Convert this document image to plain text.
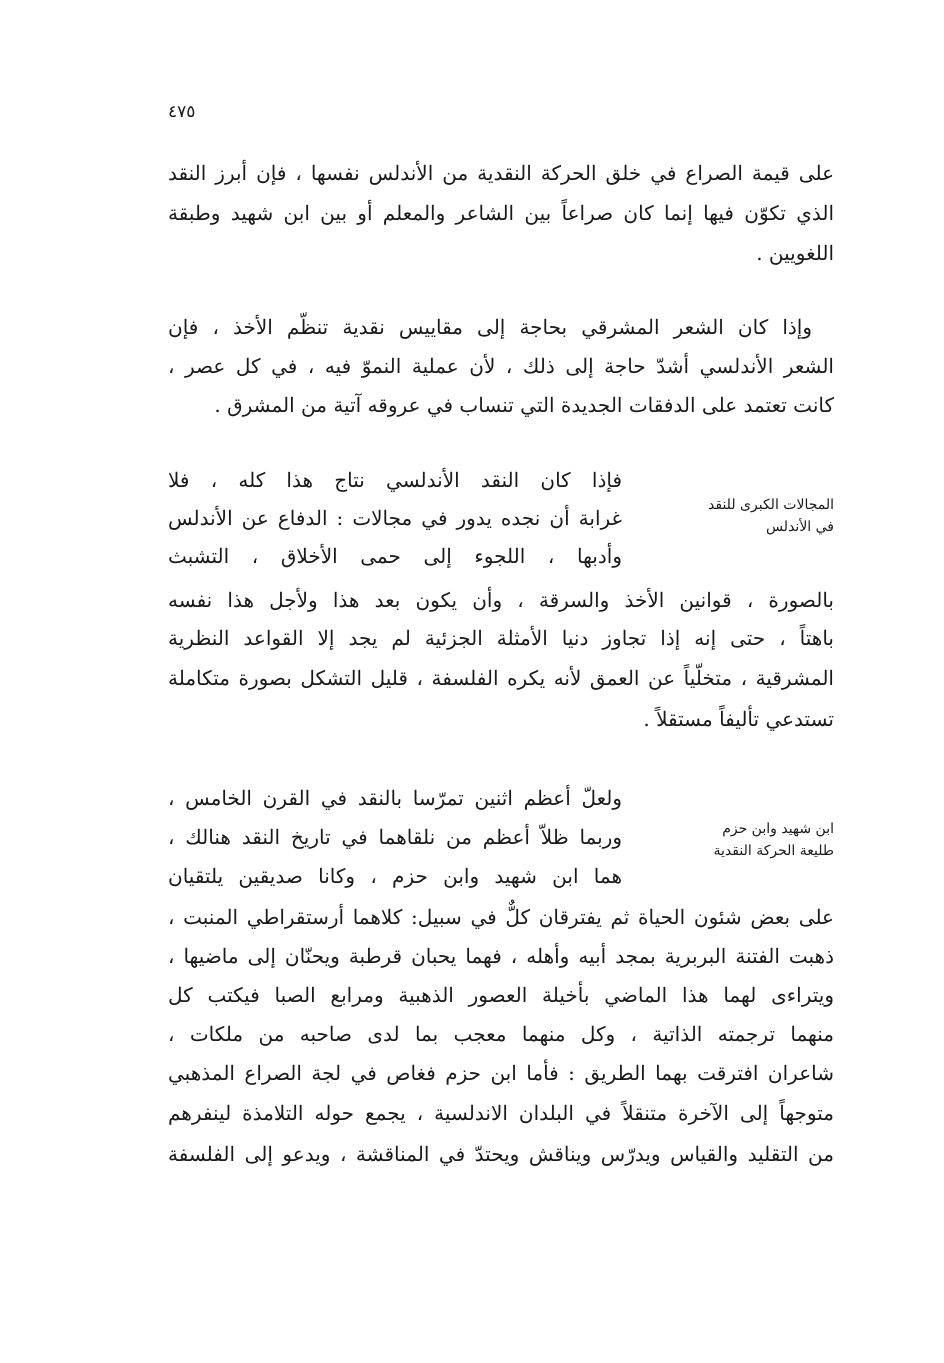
٤٧٥
على قيمة الصراع في خلق الحركة النقدية من الأندلس نفسها ، فإن أبرز النقد
الذي تكوّن فيها إنما كان صراعاً بين الشاعر والمعلم أو بين ابن شهيد وطبقة
اللغويين .
وإذا كان الشعر المشرقي بحاجة إلى مقاييس نقدية تنظّم الأخذ ، فإن
الشعر الأندلسي أشدّ حاجة إلى ذلك ، لأن عملية النموّ فيه ، في كل عصر ،
كانت تعتمد على الدفقات الجديدة التي تنساب في عروقه آتية من المشرق .
المجالات الكبرى للنقد
في الأندلس
فإذا كان النقد الأندلسي نتاج هذا كله ، فلا
غرابة أن نجده يدور في مجالات : الدفاع عن الأندلس
وأدبها ، اللجوء إلى حمى الأخلاق ، التشبث
بالصورة ، قوانين الأخذ والسرقة ، وأن يكون بعد هذا ولأجل هذا نفسه
باهتاً ، حتى إنه إذا تجاوز دنيا الأمثلة الجزئية لم يجد إلا القواعد النظرية
المشرقية ، متخلّياً عن العمق لأنه يكره الفلسفة ، قليل التشكل بصورة متكاملة
تستدعي تأليفاً مستقلاً .
ابن شهيد وابن حزم
طليعة الحركة النقدية
ولعلّ أعظم اثنين تمرّسا بالنقد في القرن الخامس ،
وربما ظلاّ أعظم من نلقاهما في تاريخ النقد هنالك ،
هما ابن شهيد وابن حزم ، وكانا صديقين يلتقيان
على بعض شئون الحياة ثم يفترقان كلٌّ في سبيل: كلاهما أرستقراطي المنبت ،
ذهبت الفتنة البربرية بمجد أبيه وأهله ، فهما يحبان قرطبة ويحنّان إلى ماضيها ،
ويتراءى لهما هذا الماضي بأخيلة العصور الذهبية ومرابع الصبا فيكتب كل
منهما ترجمته الذاتية ، وكل منهما معجب بما لدى صاحبه من ملكات ،
شاعران افترقت بهما الطريق : فأما ابن حزم فغاص في لجة الصراع المذهبي
متوجهاً إلى الآخرة متنقلاً في البلدان الاندلسية ، يجمع حوله التلامذة لينفرهم
من التقليد والقياس ويدرّس ويناقش ويحتدّ في المناقشة ، ويدعو إلى الفلسفة
